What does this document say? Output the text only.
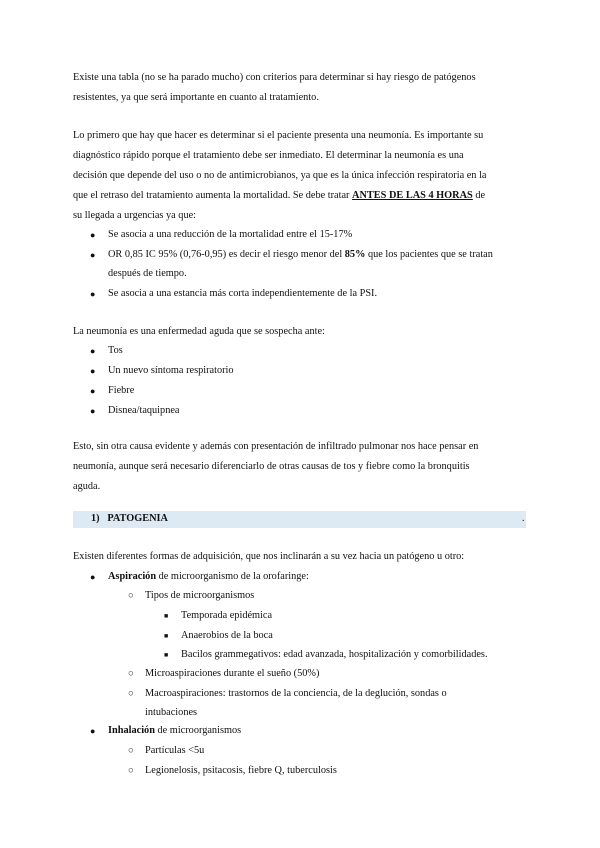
Existe una tabla (no se ha parado mucho) con criterios para determinar si hay riesgo de patógenos
resistentes, ya que será importante en cuanto al tratamiento.
Lo primero que hay que hacer es determinar si el paciente presenta una neumonía. Es importante su
diagnóstico rápido porque el tratamiento debe ser inmediato. El determinar la neumonía es una
decisión que depende del uso o no de antimicrobianos, ya que es la única infección respiratoria en la
que el retraso del tratamiento aumenta la mortalidad. Se debe tratar ANTES DE LAS 4 HORAS de
su llegada a urgencias ya que:
● Se asocia a una reducción de la mortalidad entre el 15-17%
● OR 0,85 IC 95% (0,76-0,95) es decir el riesgo menor del 85% que los pacientes que se tratan
después de tiempo.
● Se asocia a una estancia más corta independientemente de la PSI.
La neumonía es una enfermedad aguda que se sospecha ante:
● Tos
● Un nuevo síntoma respiratorio
● Fiebre
● Disnea/taquipnea
Esto, sin otra causa evidente y además con presentación de infiltrado pulmonar nos hace pensar en
neumonía, aunque será necesario diferenciarlo de otras causas de tos y fiebre como la bronquitis
aguda.
1) PATOGENIA	.
Existen diferentes formas de adquisición, que nos inclinarán a su vez hacia un patógeno u otro:
● Aspiración de microorganismo de la orofaringe:
○ Tipos de microorganismos
■ Temporada epidémica
■ Anaerobios de la boca
■ Bacilos grammegativos: edad avanzada, hospitalización y comorbilidades.
○ Microaspiraciones durante el sueño (50%)
○ Macroaspiraciones: trastornos de la conciencia, de la deglución, sondas o
intubaciones
● Inhalación de microorganismos
○ Partículas <5u
○ Legionelosis, psitacosis, fiebre Q, tuberculosis
